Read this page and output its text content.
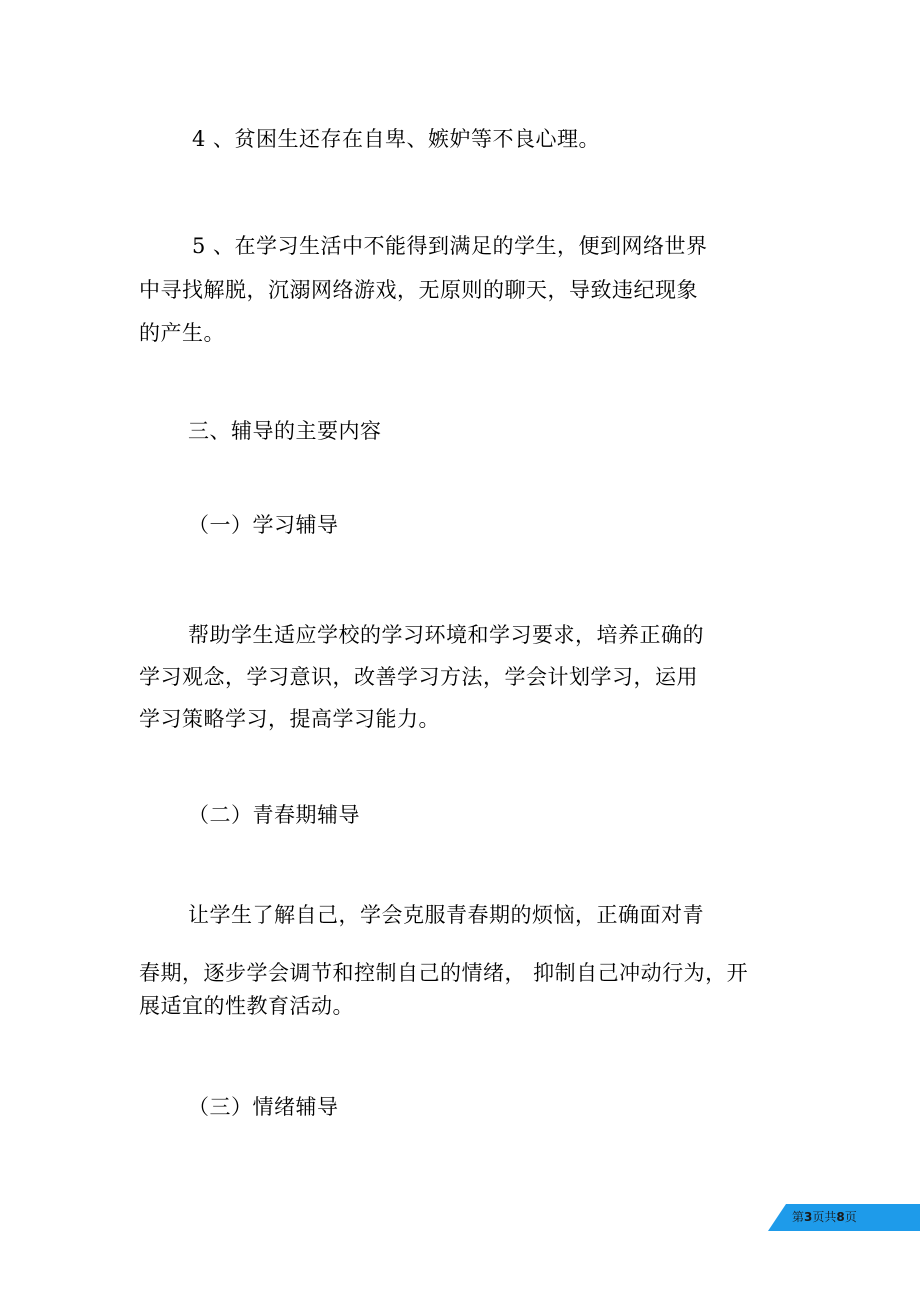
4 、贫困生还存在自卑、嫉妒等不良心理。
5 、在学习生活中不能得到满足的学生，便到网络世界
中寻找解脱，沉溺网络游戏，无原则的聊天，导致违纪现象
的产生。
三、辅导的主要内容
（一）学习辅导
帮助学生适应学校的学习环境和学习要求，培养正确的
学习观念，学习意识，改善学习方法，学会计划学习，运用
学习策略学习，提高学习能力。
（二）青春期辅导
让学生了解自己，学会克服青春期的烦恼，正确面对青
春期，逐步学会调节和控制自己的情绪， 抑制自己冲动行为，开
展适宜的性教育活动。
（三）情绪辅导
第3页共8页
